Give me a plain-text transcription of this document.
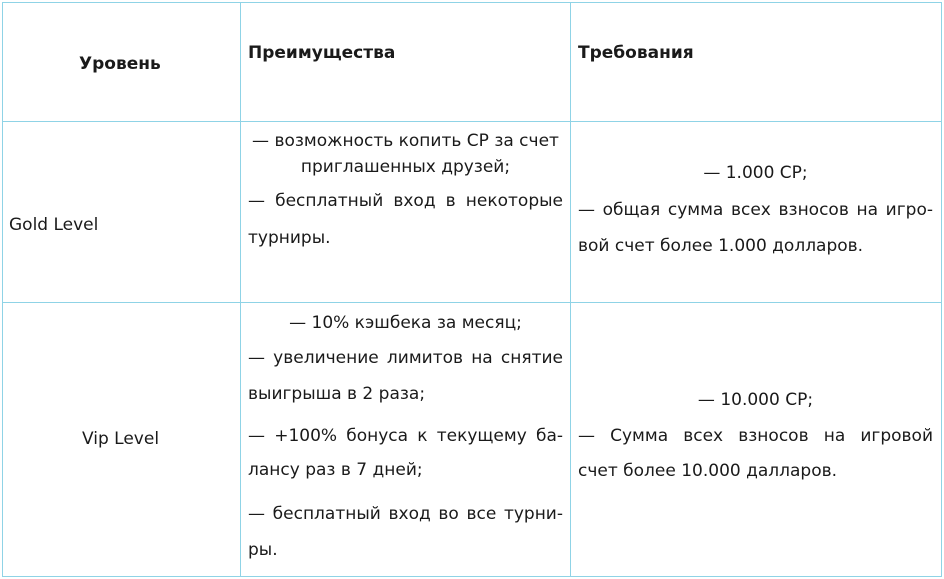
Уровень
Преимущества	Требования
Gold Level
— возможность копить CP за счет
приглашенных друзей;
— бесплатный вход в некоторые
турниры.
— 1.000 CP;
— общая сумма всех взносов на игро-
вой счет более 1.000 долларов.
Vip Level
— 10% кэшбека за месяц;
— увеличение лимитов на снятие
выигрыша в 2 раза;
— +100% бонуса к текущему ба-
лансу раз в 7 дней;
— бесплатный вход во все турни-
ры.
— 10.000 CP;
— Сумма всех взносов на игровой
счет более 10.000 далларов.
